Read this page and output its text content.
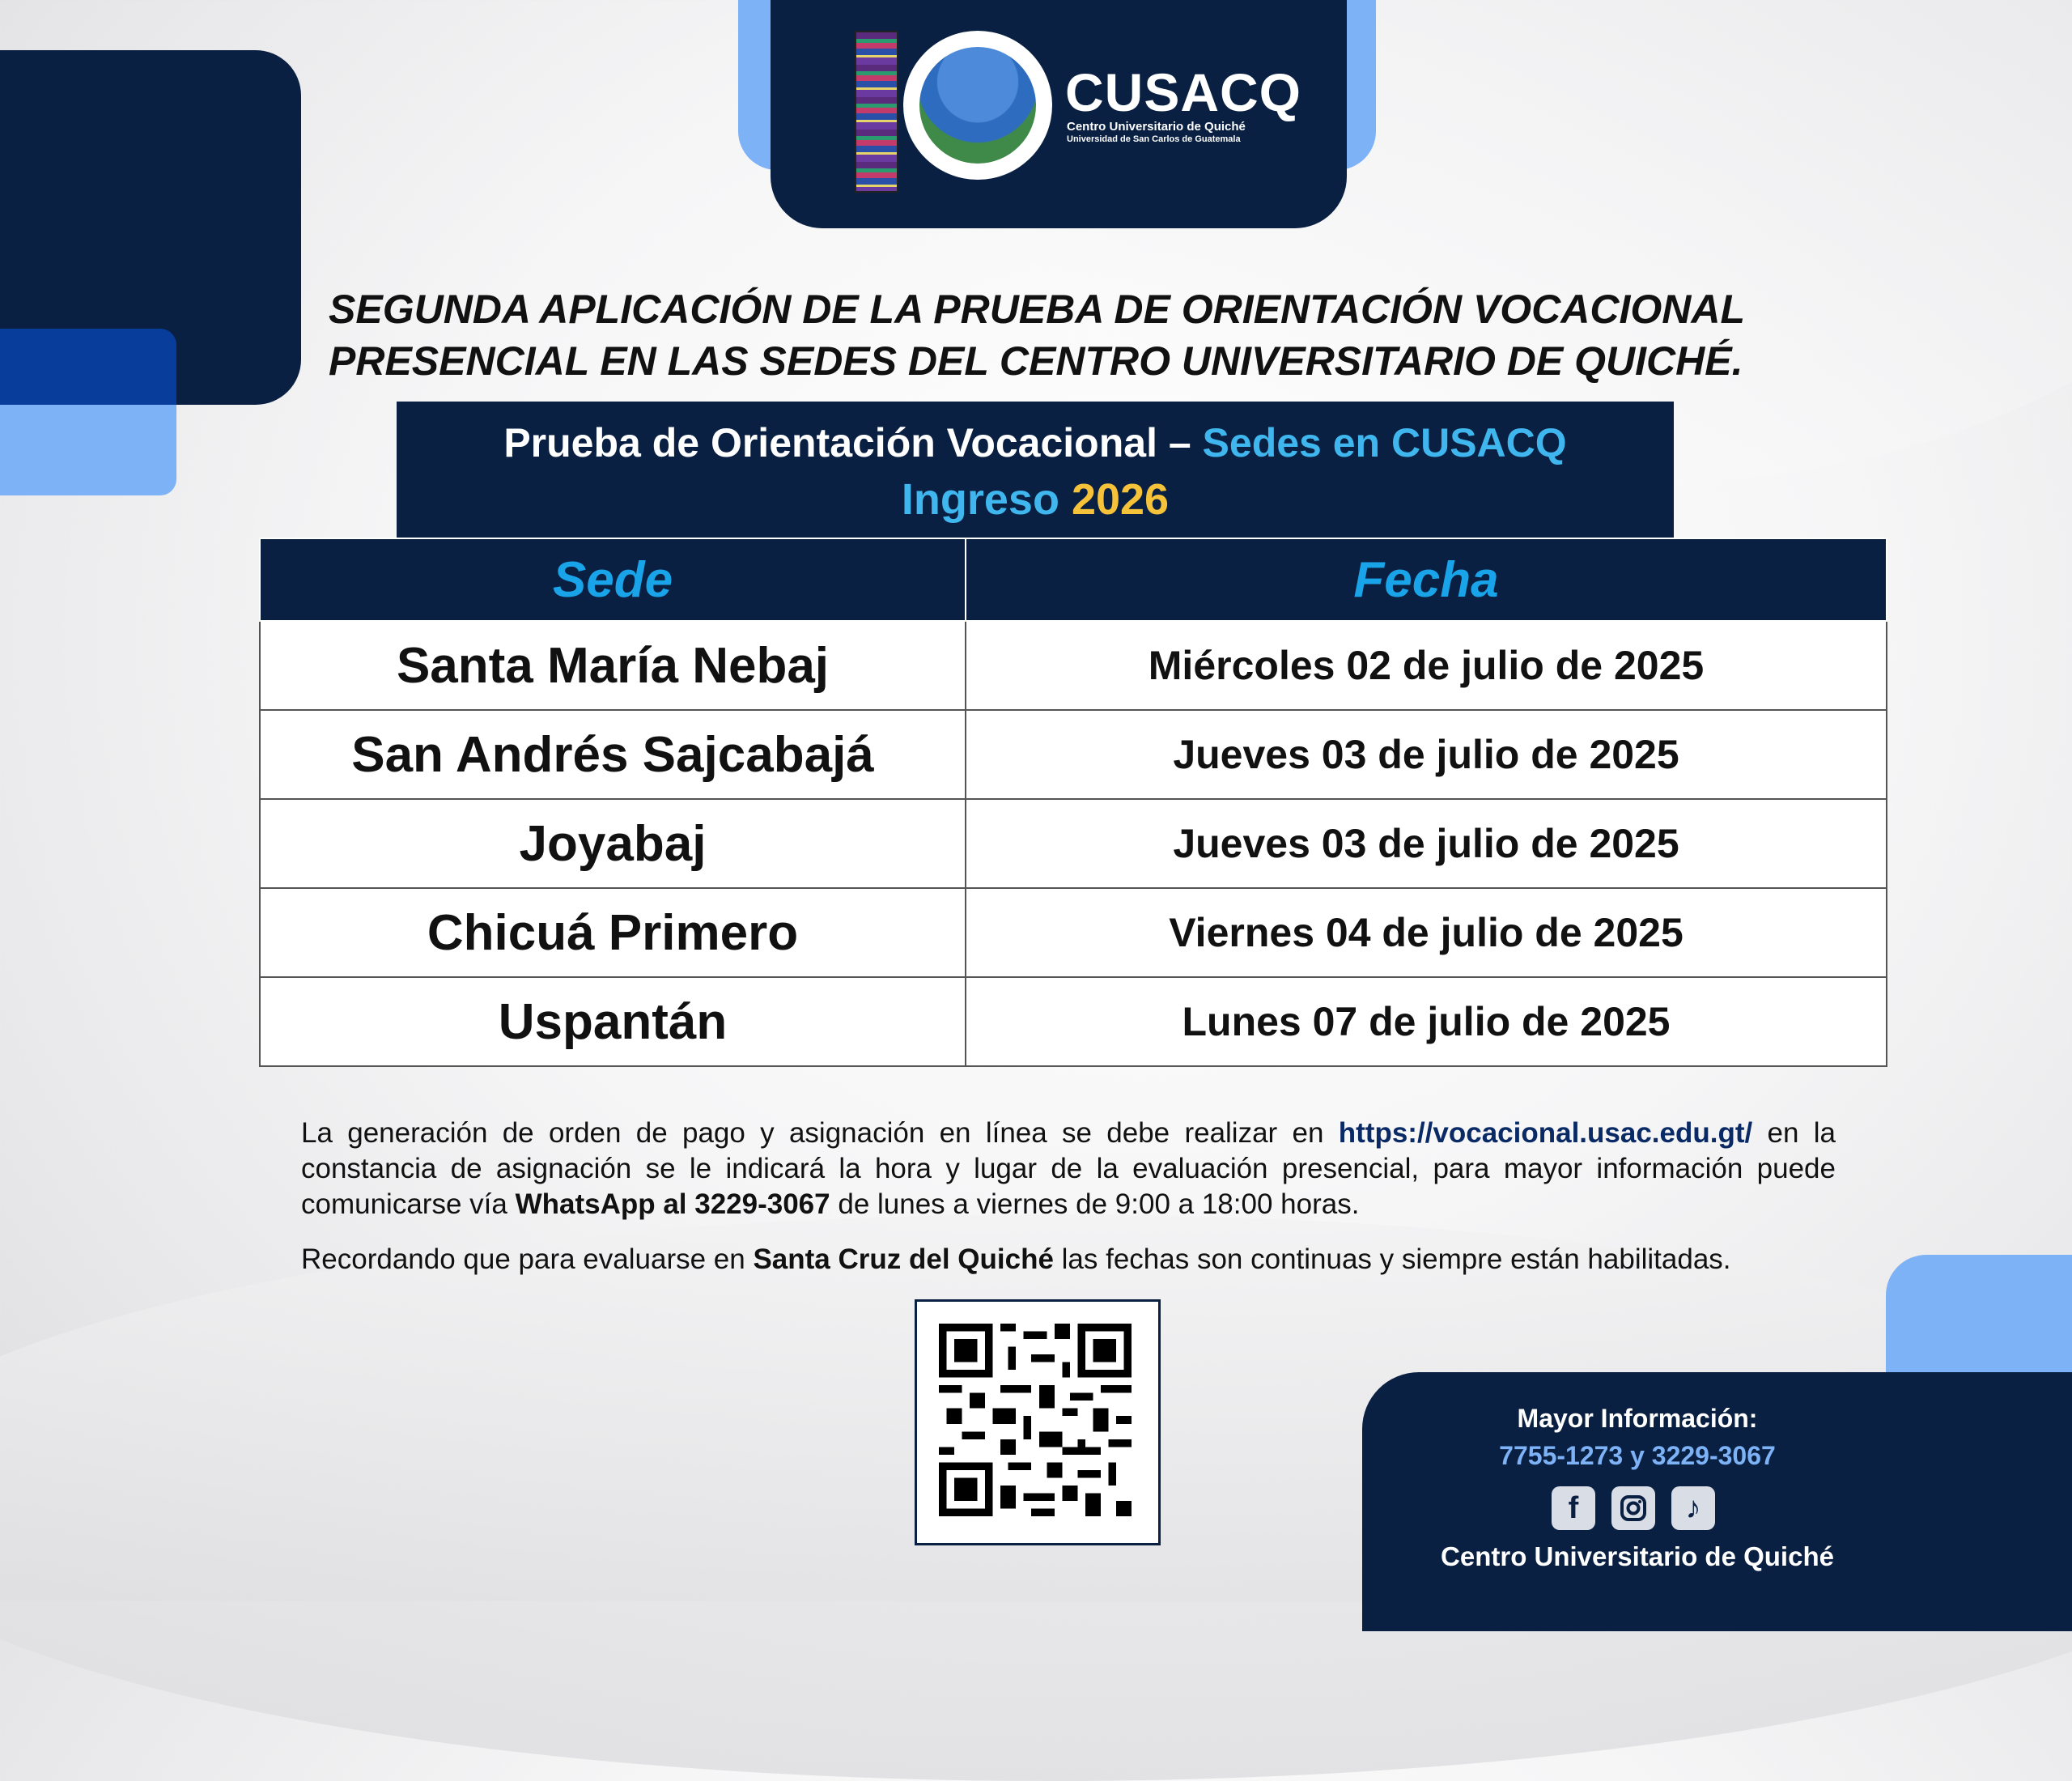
CUSACQ
Centro Universitario de Quiché
Universidad de San Carlos de Guatemala
SEGUNDA APLICACIÓN DE LA PRUEBA DE ORIENTACIÓN VOCACIONAL
PRESENCIAL EN LAS SEDES DEL CENTRO UNIVERSITARIO DE QUICHÉ.
Prueba de Orientación Vocacional – Sedes en CUSACQ
Ingreso 2026
Sede	Fecha
Santa María Nebaj	Miércoles 02 de julio de 2025
San Andrés Sajcabajá	Jueves 03 de julio de 2025
Joyabaj	Jueves 03 de julio de 2025
Chicuá Primero	Viernes 04 de julio de 2025
Uspantán	Lunes 07 de julio de 2025
La generación de orden de pago y asignación en línea se debe realizar en https://vocacional.usac.edu.gt/ en la constancia de asignación se le indicará la hora y lugar de la evaluación presencial, para mayor información puede comunicarse vía WhatsApp al 3229-3067 de lunes a viernes de 9:00 a 18:00 horas.
Recordando que para evaluarse en Santa Cruz del Quiché las fechas son continuas y siempre están habilitadas.
Mayor Información:
7755-1273 y 3229-3067
f	♪
Centro Universitario de Quiché
